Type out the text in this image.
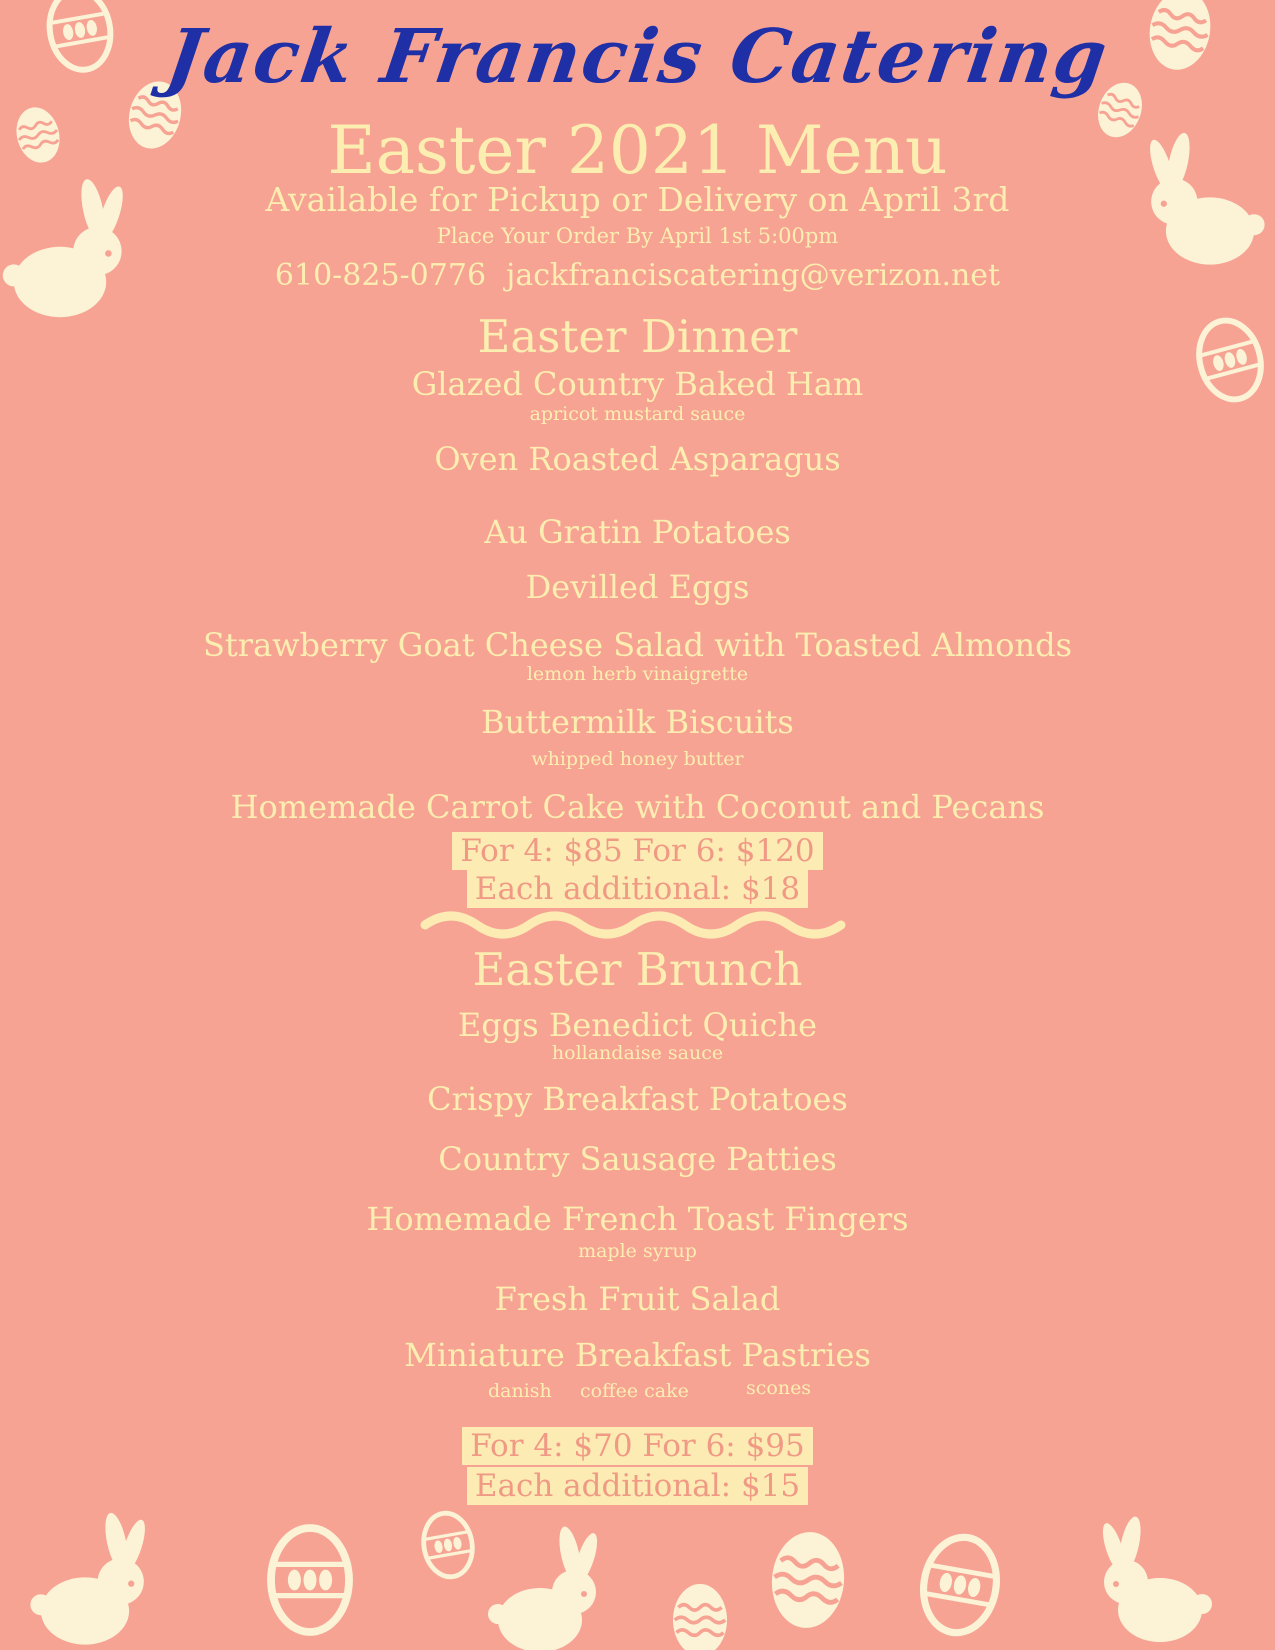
Jack Francis Catering
Easter 2021 Menu
Available for Pickup or Delivery on April 3rd
Place Your Order By April 1st 5:00pm
610-825-0776 jackfranciscatering@verizon.net
Easter Dinner
Glazed Country Baked Ham
apricot mustard sauce
Oven Roasted Asparagus
Au Gratin Potatoes
Devilled Eggs
Strawberry Goat Cheese Salad with Toasted Almonds
lemon herb vinaigrette
Buttermilk Biscuits
whipped honey butter
Homemade Carrot Cake with Coconut and Pecans
For 4: $85 For 6: $120
Each additional: $18
Easter Brunch
Eggs Benedict Quiche
hollandaise sauce
Crispy Breakfast Potatoes
Country Sausage Patties
Homemade French Toast Fingers
maple syrup
Fresh Fruit Salad
Miniature Breakfast Pastries
danish coffee cake	scones
For 4: $70 For 6: $95
Each additional: $15
